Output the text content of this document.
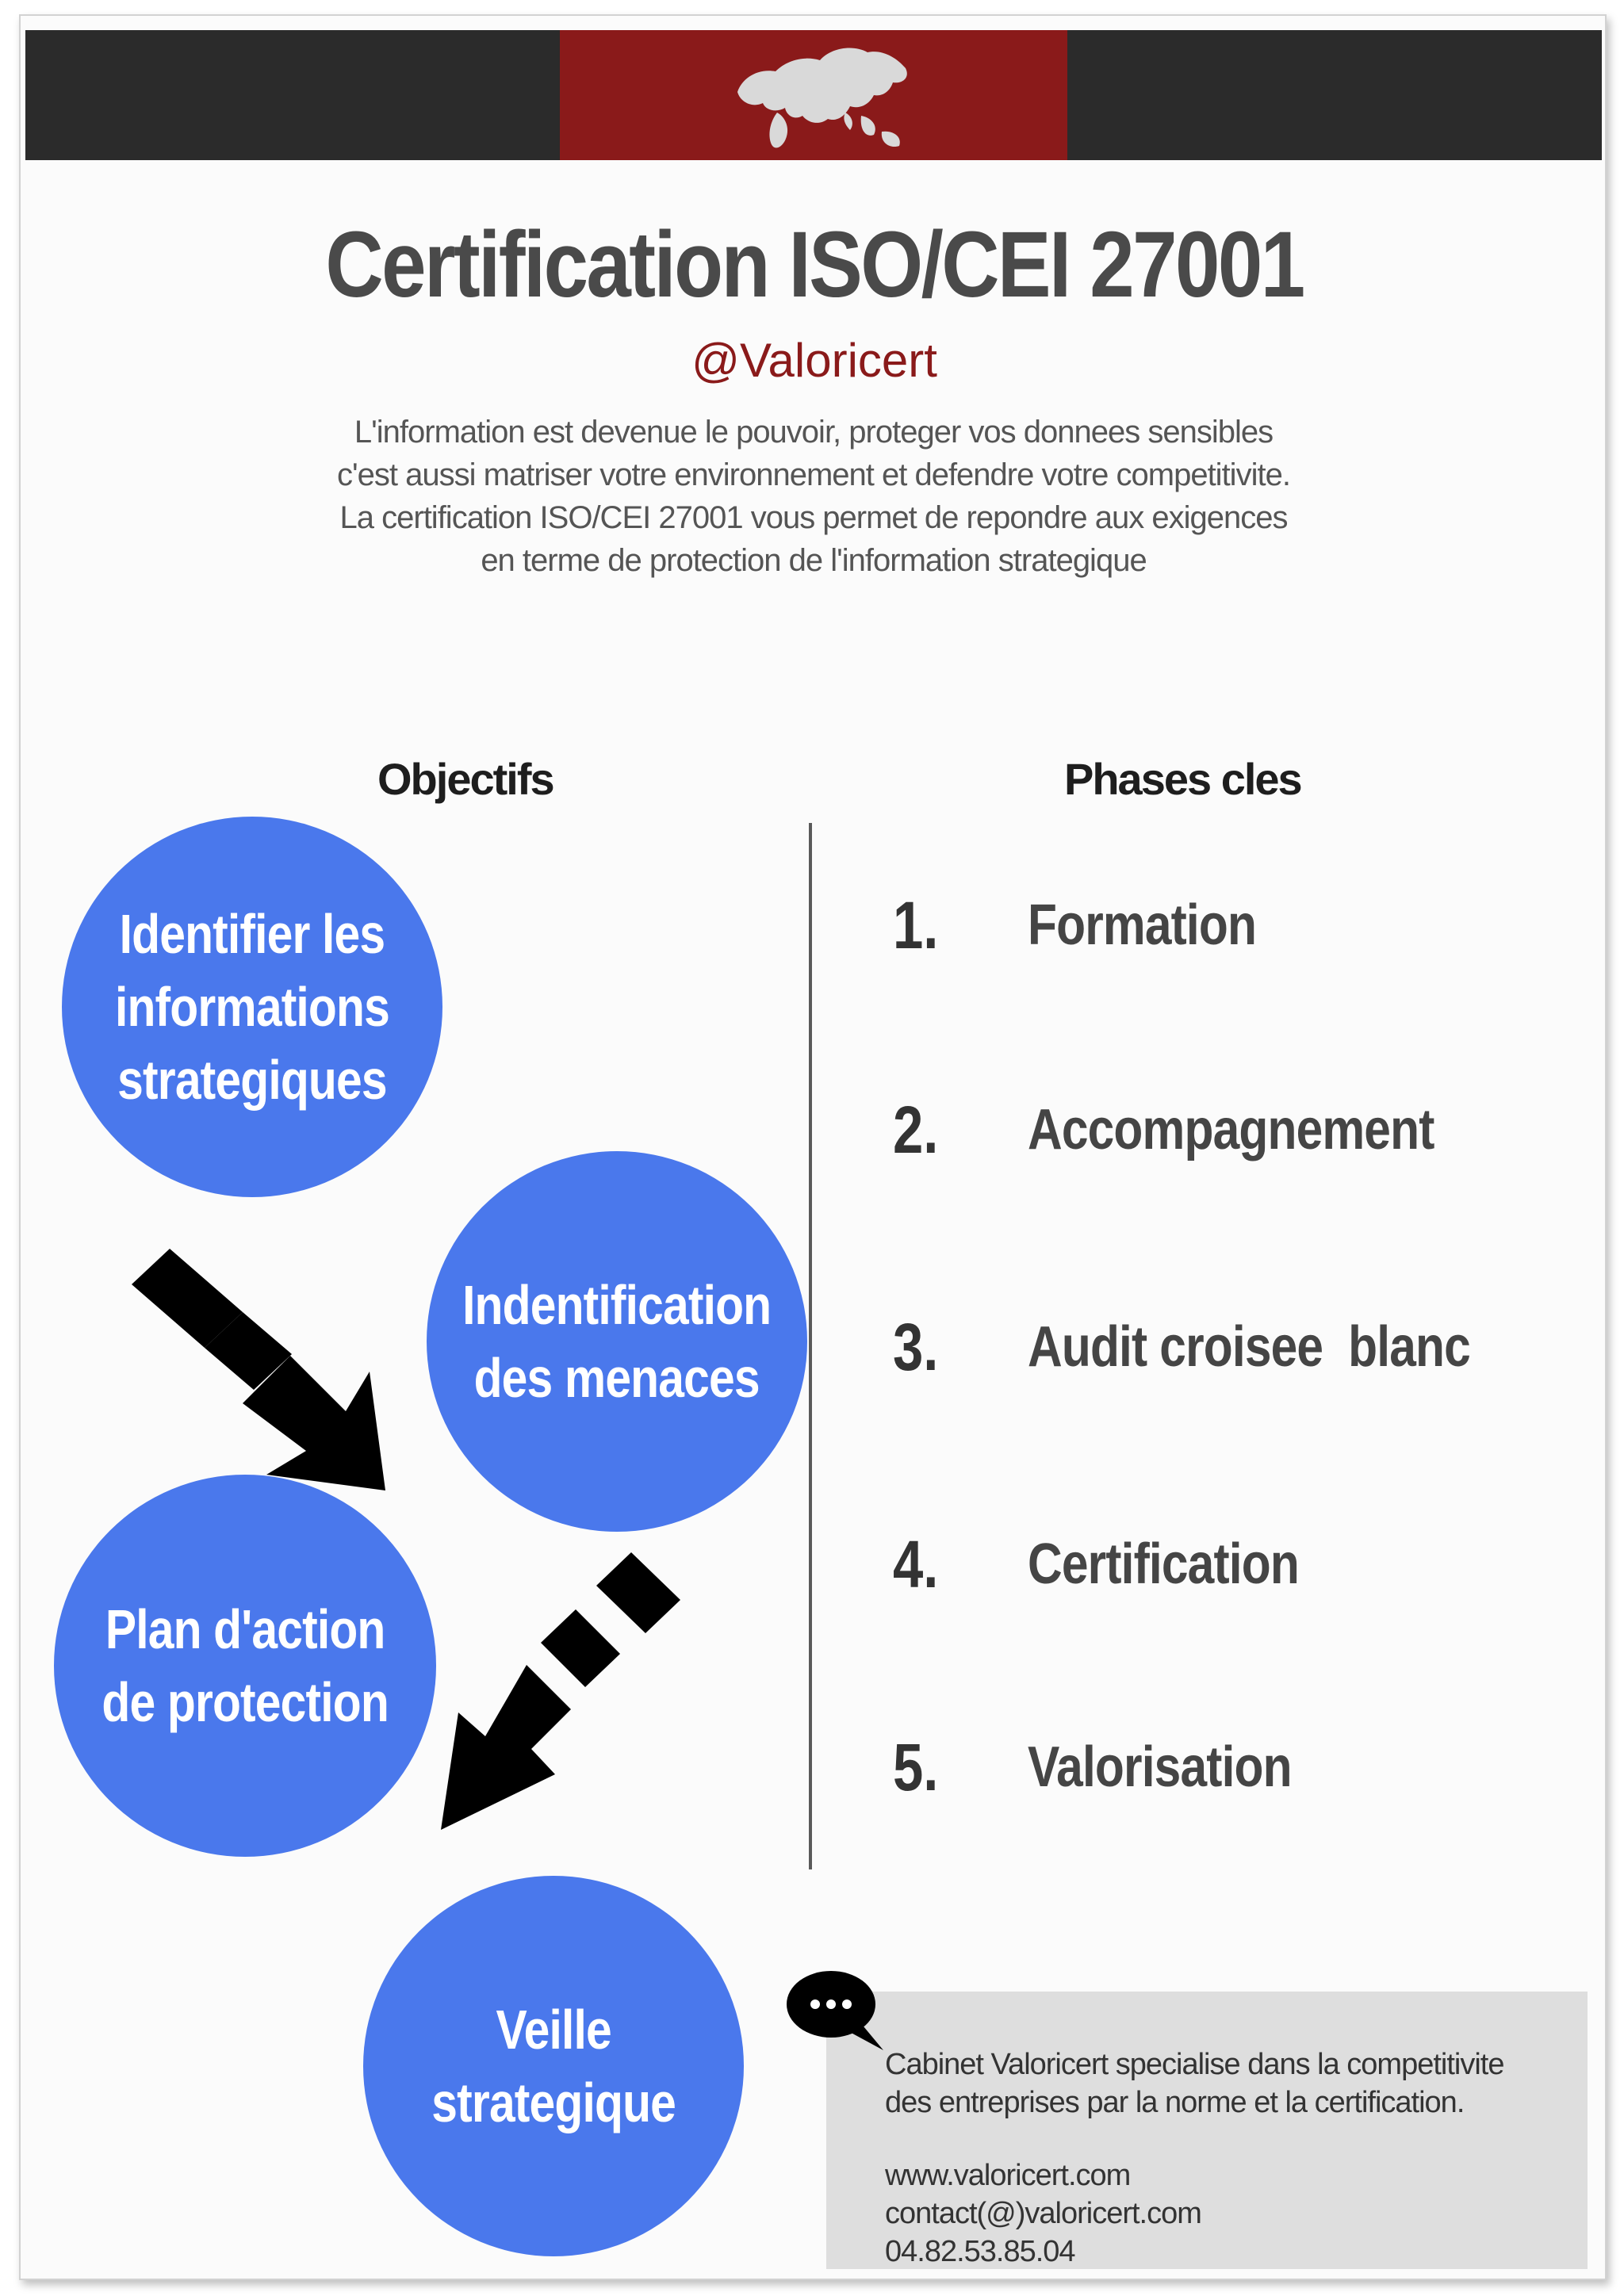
Certification ISO/CEI 27001
@Valoricert
L'information est devenue le pouvoir, proteger vos donnees sensibles
c'est aussi matriser votre environnement et defendre votre competitivite.
La certification ISO/CEI 27001 vous permet de repondre aux exigences
en terme de protection de l'information strategique
Objectifs	Phases cles
Identifier les
informations
strategiques
Indentification
des menaces
Plan d'action
de protection
Veille
strategique
1.	Formation
2.	Accompagnement
3.	Audit croisee  blanc
4.	Certification
5.	Valorisation
Cabinet Valoricert specialise dans la competitivite
des entreprises par la norme et la certification.
www.valoricert.com
contact(@)valoricert.com
04.82.53.85.04
